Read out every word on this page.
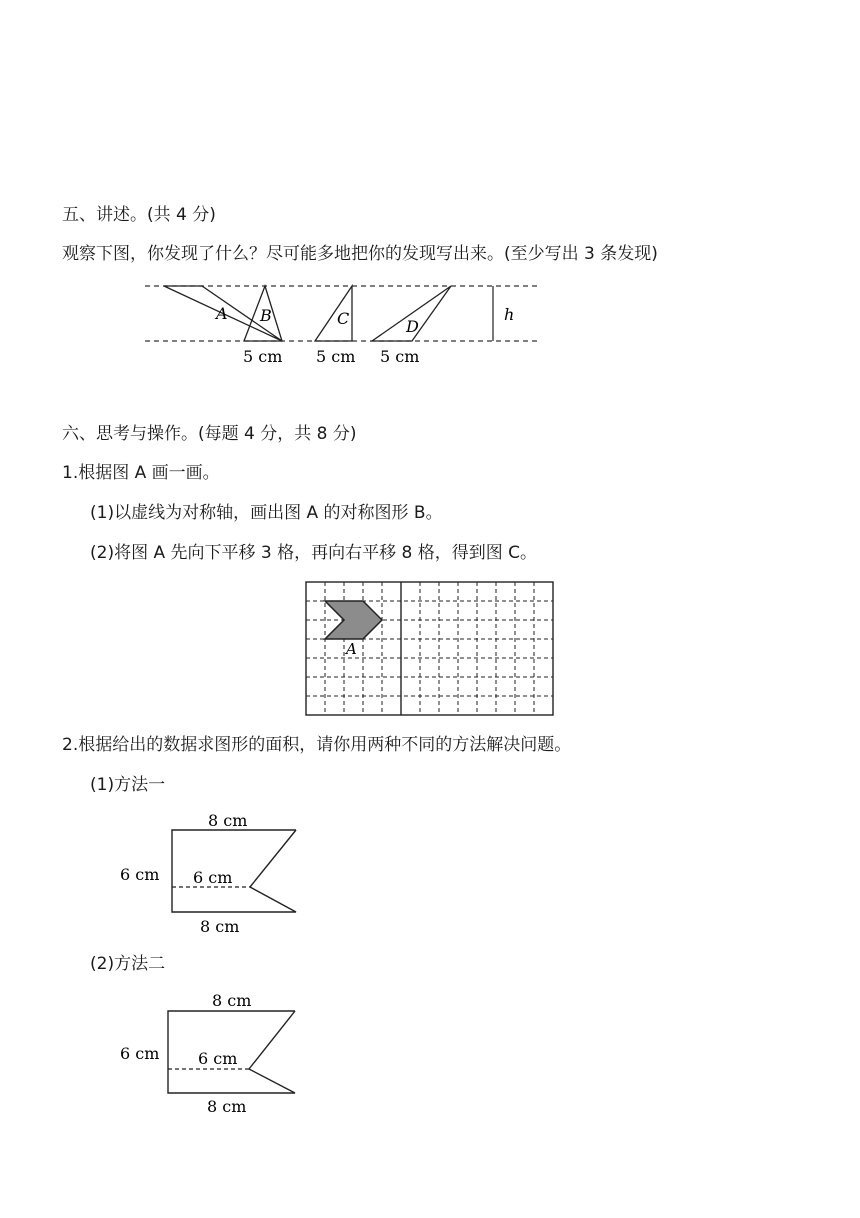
五、讲述。(共 4 分)
观察下图，你发现了什么？尽可能多地把你的发现写出来。(至少写出 3 条发现)
A B	C	D
h
5 cm 5 cm 5 cm
六、思考与操作。(每题 4 分，共 8 分)
1.根据图 A 画一画。
(1)以虚线为对称轴，画出图 A 的对称图形 B。
(2)将图 A 先向下平移 3 格，再向右平移 8 格，得到图 C。
A
2.根据给出的数据求图形的面积，请你用两种不同的方法解决问题。
(1)方法一
8 cm
6 cm 6 cm
8 cm
(2)方法二
8 cm
6 cm 6 cm
8 cm
